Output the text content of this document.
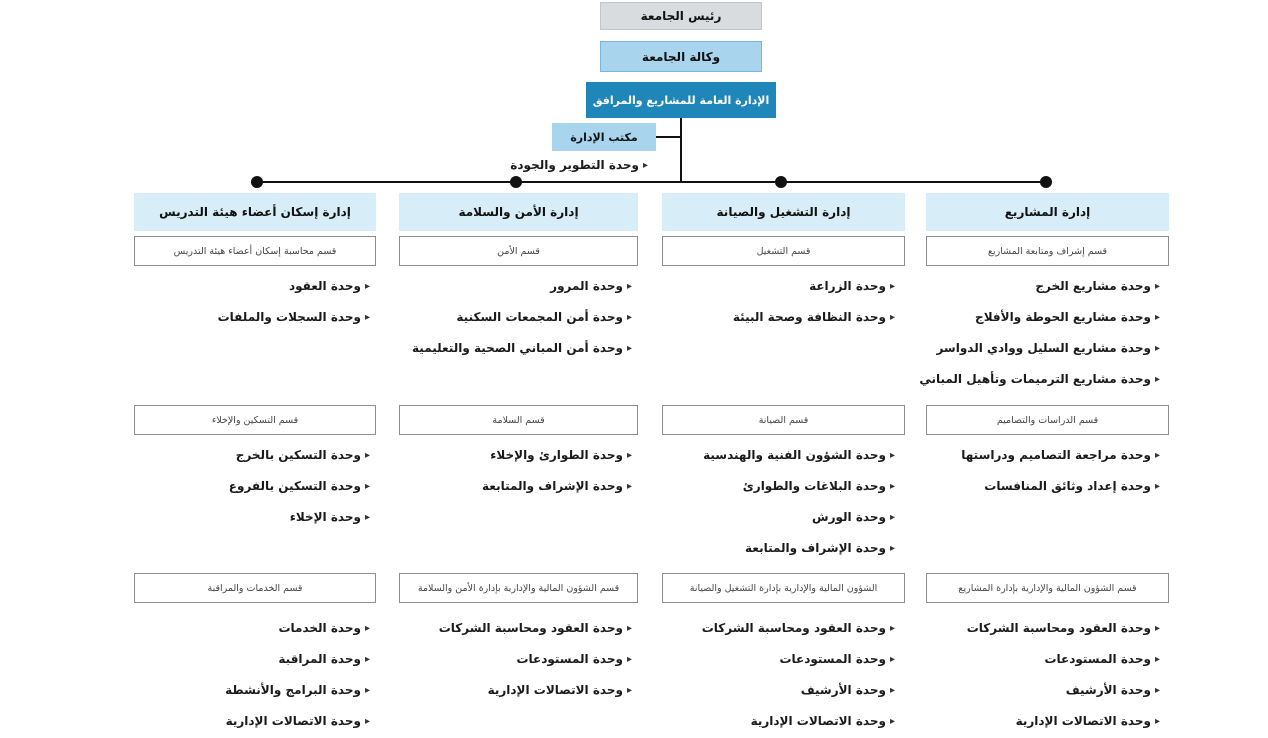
رئيس الجامعة
وكالة الجامعة
الإدارة العامة للمشاريع والمرافق
مكتب الإدارة
▸
وحدة التطوير والجودة
إدارة المشاريع
قسم إشراف ومتابعة المشاريع
▸
وحدة مشاريع الخرج
▸
وحدة مشاريع الحوطة والأفلاج
▸
وحدة مشاريع السليل ووادي الدواسر
▸
وحدة مشاريع الترميمات وتأهيل المباني
قسم الدراسات والتصاميم
▸
وحدة مراجعة التصاميم ودراستها
▸
وحدة إعداد وثائق المنافسات
قسم الشؤون المالية والإدارية بإدارة المشاريع
▸
وحدة العقود ومحاسبة الشركات
▸
وحدة المستودعات
▸
وحدة الأرشيف
▸
وحدة الاتصالات الإدارية
إدارة التشغيل والصيانة
قسم التشغيل
▸
وحدة الزراعة
▸
وحدة النظافة وصحة البيئة
قسم الصيانة
▸
وحدة الشؤون الفنية والهندسية
▸
وحدة البلاغات والطوارئ
▸
وحدة الورش
▸
وحدة الإشراف والمتابعة
الشؤون المالية والإدارية بإدارة التشغيل والصيانة
▸
وحدة العقود ومحاسبة الشركات
▸
وحدة المستودعات
▸
وحدة الأرشيف
▸
وحدة الاتصالات الإدارية
إدارة الأمن والسلامة
قسم الأمن
▸
وحدة المرور
▸
وحدة أمن المجمعات السكنية
▸
وحدة أمن المباني الصحية والتعليمية
قسم السلامة
▸
وحدة الطوارئ والإخلاء
▸
وحدة الإشراف والمتابعة
قسم الشؤون المالية والإدارية بإدارة الأمن والسلامة
▸
وحدة العقود ومحاسبة الشركات
▸
وحدة المستودعات
▸
وحدة الاتصالات الإدارية
إدارة إسكان أعضاء هيئة التدريس
قسم محاسبة إسكان أعضاء هيئة التدريس
▸
وحدة العقود
▸
وحدة السجلات والملفات
قسم التسكين والإخلاء
▸
وحدة التسكين بالخرج
▸
وحدة التسكين بالفروع
▸
وحدة الإخلاء
قسم الخدمات والمراقبة
▸
وحدة الخدمات
▸
وحدة المراقبة
▸
وحدة البرامج والأنشطة
▸
وحدة الاتصالات الإدارية
